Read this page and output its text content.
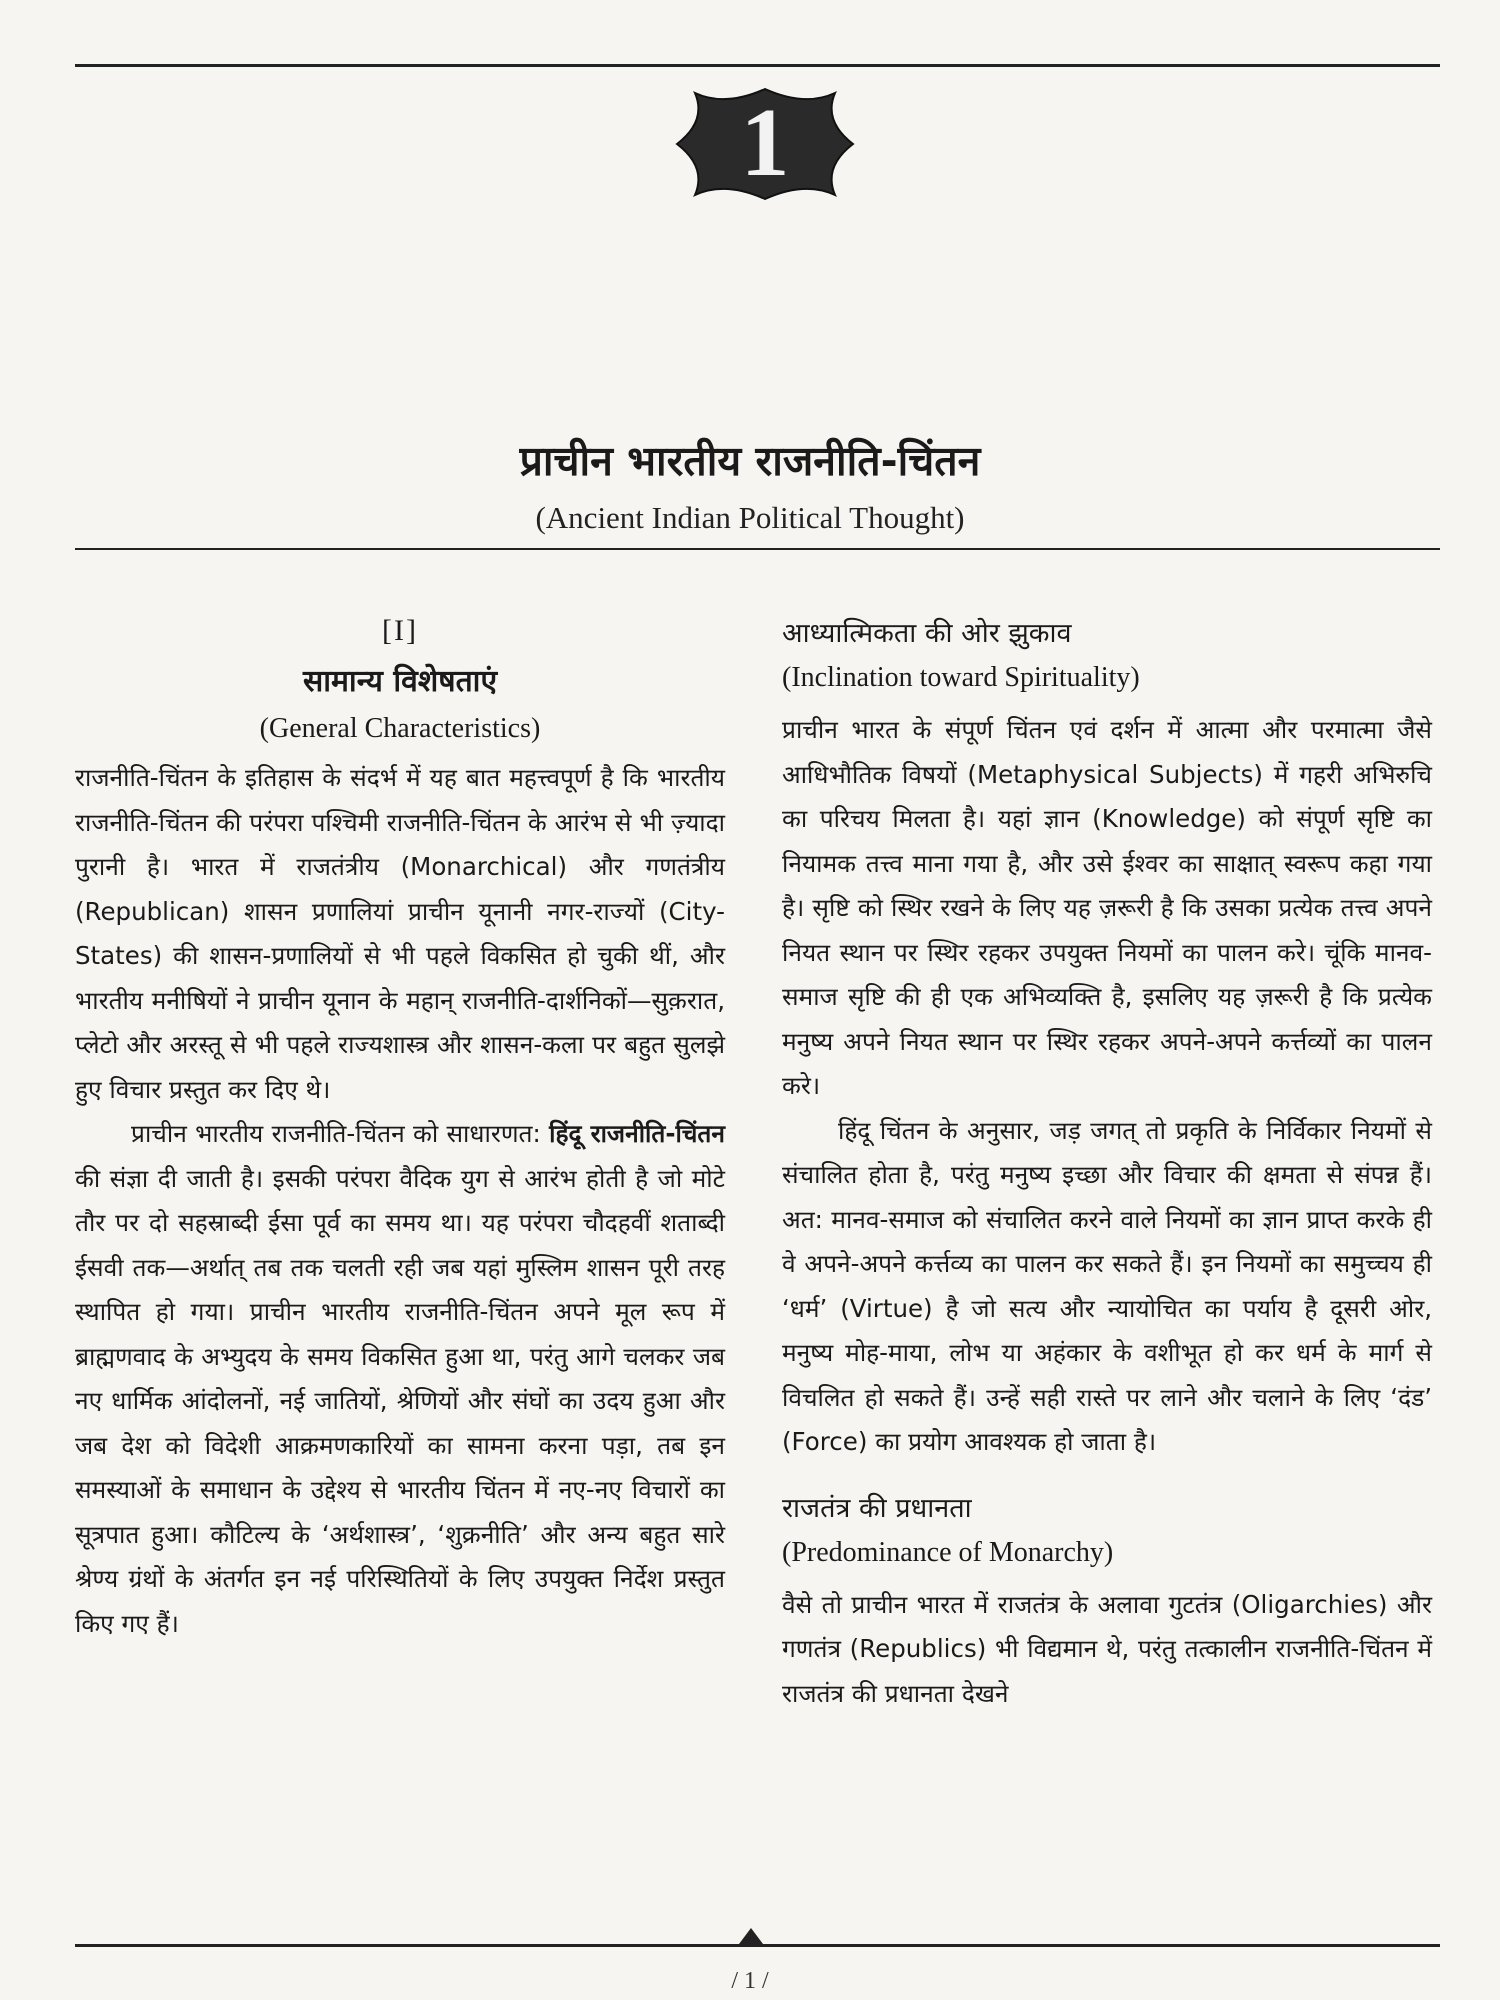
1
प्राचीन भारतीय राजनीति-चिंतन
(Ancient Indian Political Thought)

[I]

सामान्य विशेषताएं

(General Characteristics)

राजनीति-चिंतन के इतिहास के संदर्भ में यह बात महत्त्वपूर्ण है कि भारतीय राजनीति-चिंतन की परंपरा पश्चिमी राजनीति-चिंतन के आरंभ से भी ज़्यादा पुरानी है। भारत में राजतंत्रीय (Monarchical) और गणतंत्रीय (Republican) शासन प्रणालियां प्राचीन यूनानी नगर-राज्यों (City-States) की शासन-प्रणालियों से भी पहले विकसित हो चुकी थीं, और भारतीय मनीषियों ने प्राचीन यूनान के महान् राजनीति-दार्शनिकों—सुक़रात, प्लेटो और अरस्तू से भी पहले राज्यशास्त्र और शासन-कला पर बहुत सुलझे हुए विचार प्रस्तुत कर दिए थे।

प्राचीन भारतीय राजनीति-चिंतन को साधारणत: हिंदू राजनीति-चिंतन की संज्ञा दी जाती है। इसकी परंपरा वैदिक युग से आरंभ होती है जो मोटे तौर पर दो सहस्राब्दी ईसा पूर्व का समय था। यह परंपरा चौदहवीं शताब्दी ईसवी तक—अर्थात् तब तक चलती रही जब यहां मुस्लिम शासन पूरी तरह स्थापित हो गया। प्राचीन भारतीय राजनीति-चिंतन अपने मूल रूप में ब्राह्मणवाद के अभ्युदय के समय विकसित हुआ था, परंतु आगे चलकर जब नए धार्मिक आंदोलनों, नई जातियों, श्रेणियों और संघों का उदय हुआ और जब देश को विदेशी आक्रमणकारियों का सामना करना पड़ा, तब इन समस्याओं के समाधान के उद्देश्य से भारतीय चिंतन में नए-नए विचारों का सूत्रपात हुआ। कौटिल्य के ‘अर्थशास्त्र’, ‘शुक्रनीति’ और अन्य बहुत सारे श्रेण्य ग्रंथों के अंतर्गत इन नई परिस्थितियों के लिए उपयुक्त निर्देश प्रस्तुत किए गए हैं।

आध्यात्मिकता की ओर झुकाव

(Inclination toward Spirituality)

प्राचीन भारत के संपूर्ण चिंतन एवं दर्शन में आत्मा और परमात्मा जैसे आधिभौतिक विषयों (Metaphysical Subjects) में गहरी अभिरुचि का परिचय मिलता है। यहां ज्ञान (Knowledge) को संपूर्ण सृष्टि का नियामक तत्त्व माना गया है, और उसे ईश्वर का साक्षात् स्वरूप कहा गया है। सृष्टि को स्थिर रखने के लिए यह ज़रूरी है कि उसका प्रत्येक तत्त्व अपने नियत स्थान पर स्थिर रहकर उपयुक्त नियमों का पालन करे। चूंकि मानव-समाज सृष्टि की ही एक अभिव्यक्ति है, इसलिए यह ज़रूरी है कि प्रत्येक मनुष्य अपने नियत स्थान पर स्थिर रहकर अपने-अपने कर्त्तव्यों का पालन करे।

हिंदू चिंतन के अनुसार, जड़ जगत् तो प्रकृति के निर्विकार नियमों से संचालित होता है, परंतु मनुष्य इच्छा और विचार की क्षमता से संपन्न हैं। अत: मानव-समाज को संचालित करने वाले नियमों का ज्ञान प्राप्त करके ही वे अपने-अपने कर्त्तव्य का पालन कर सकते हैं। इन नियमों का समुच्चय ही ‘धर्म’ (Virtue) है जो सत्य और न्यायोचित का पर्याय है दूसरी ओर, मनुष्य मोह-माया, लोभ या अहंकार के वशीभूत हो कर धर्म के मार्ग से विचलित हो सकते हैं। उन्हें सही रास्ते पर लाने और चलाने के लिए ‘दंड’ (Force) का प्रयोग आवश्यक हो जाता है।

राजतंत्र की प्रधानता

(Predominance of Monarchy)

वैसे तो प्राचीन भारत में राजतंत्र के अलावा गुटतंत्र (Oligarchies) और गणतंत्र (Republics) भी विद्यमान थे, परंतु तत्कालीन राजनीति-चिंतन में राजतंत्र की प्रधानता देखने

/ 1 /
